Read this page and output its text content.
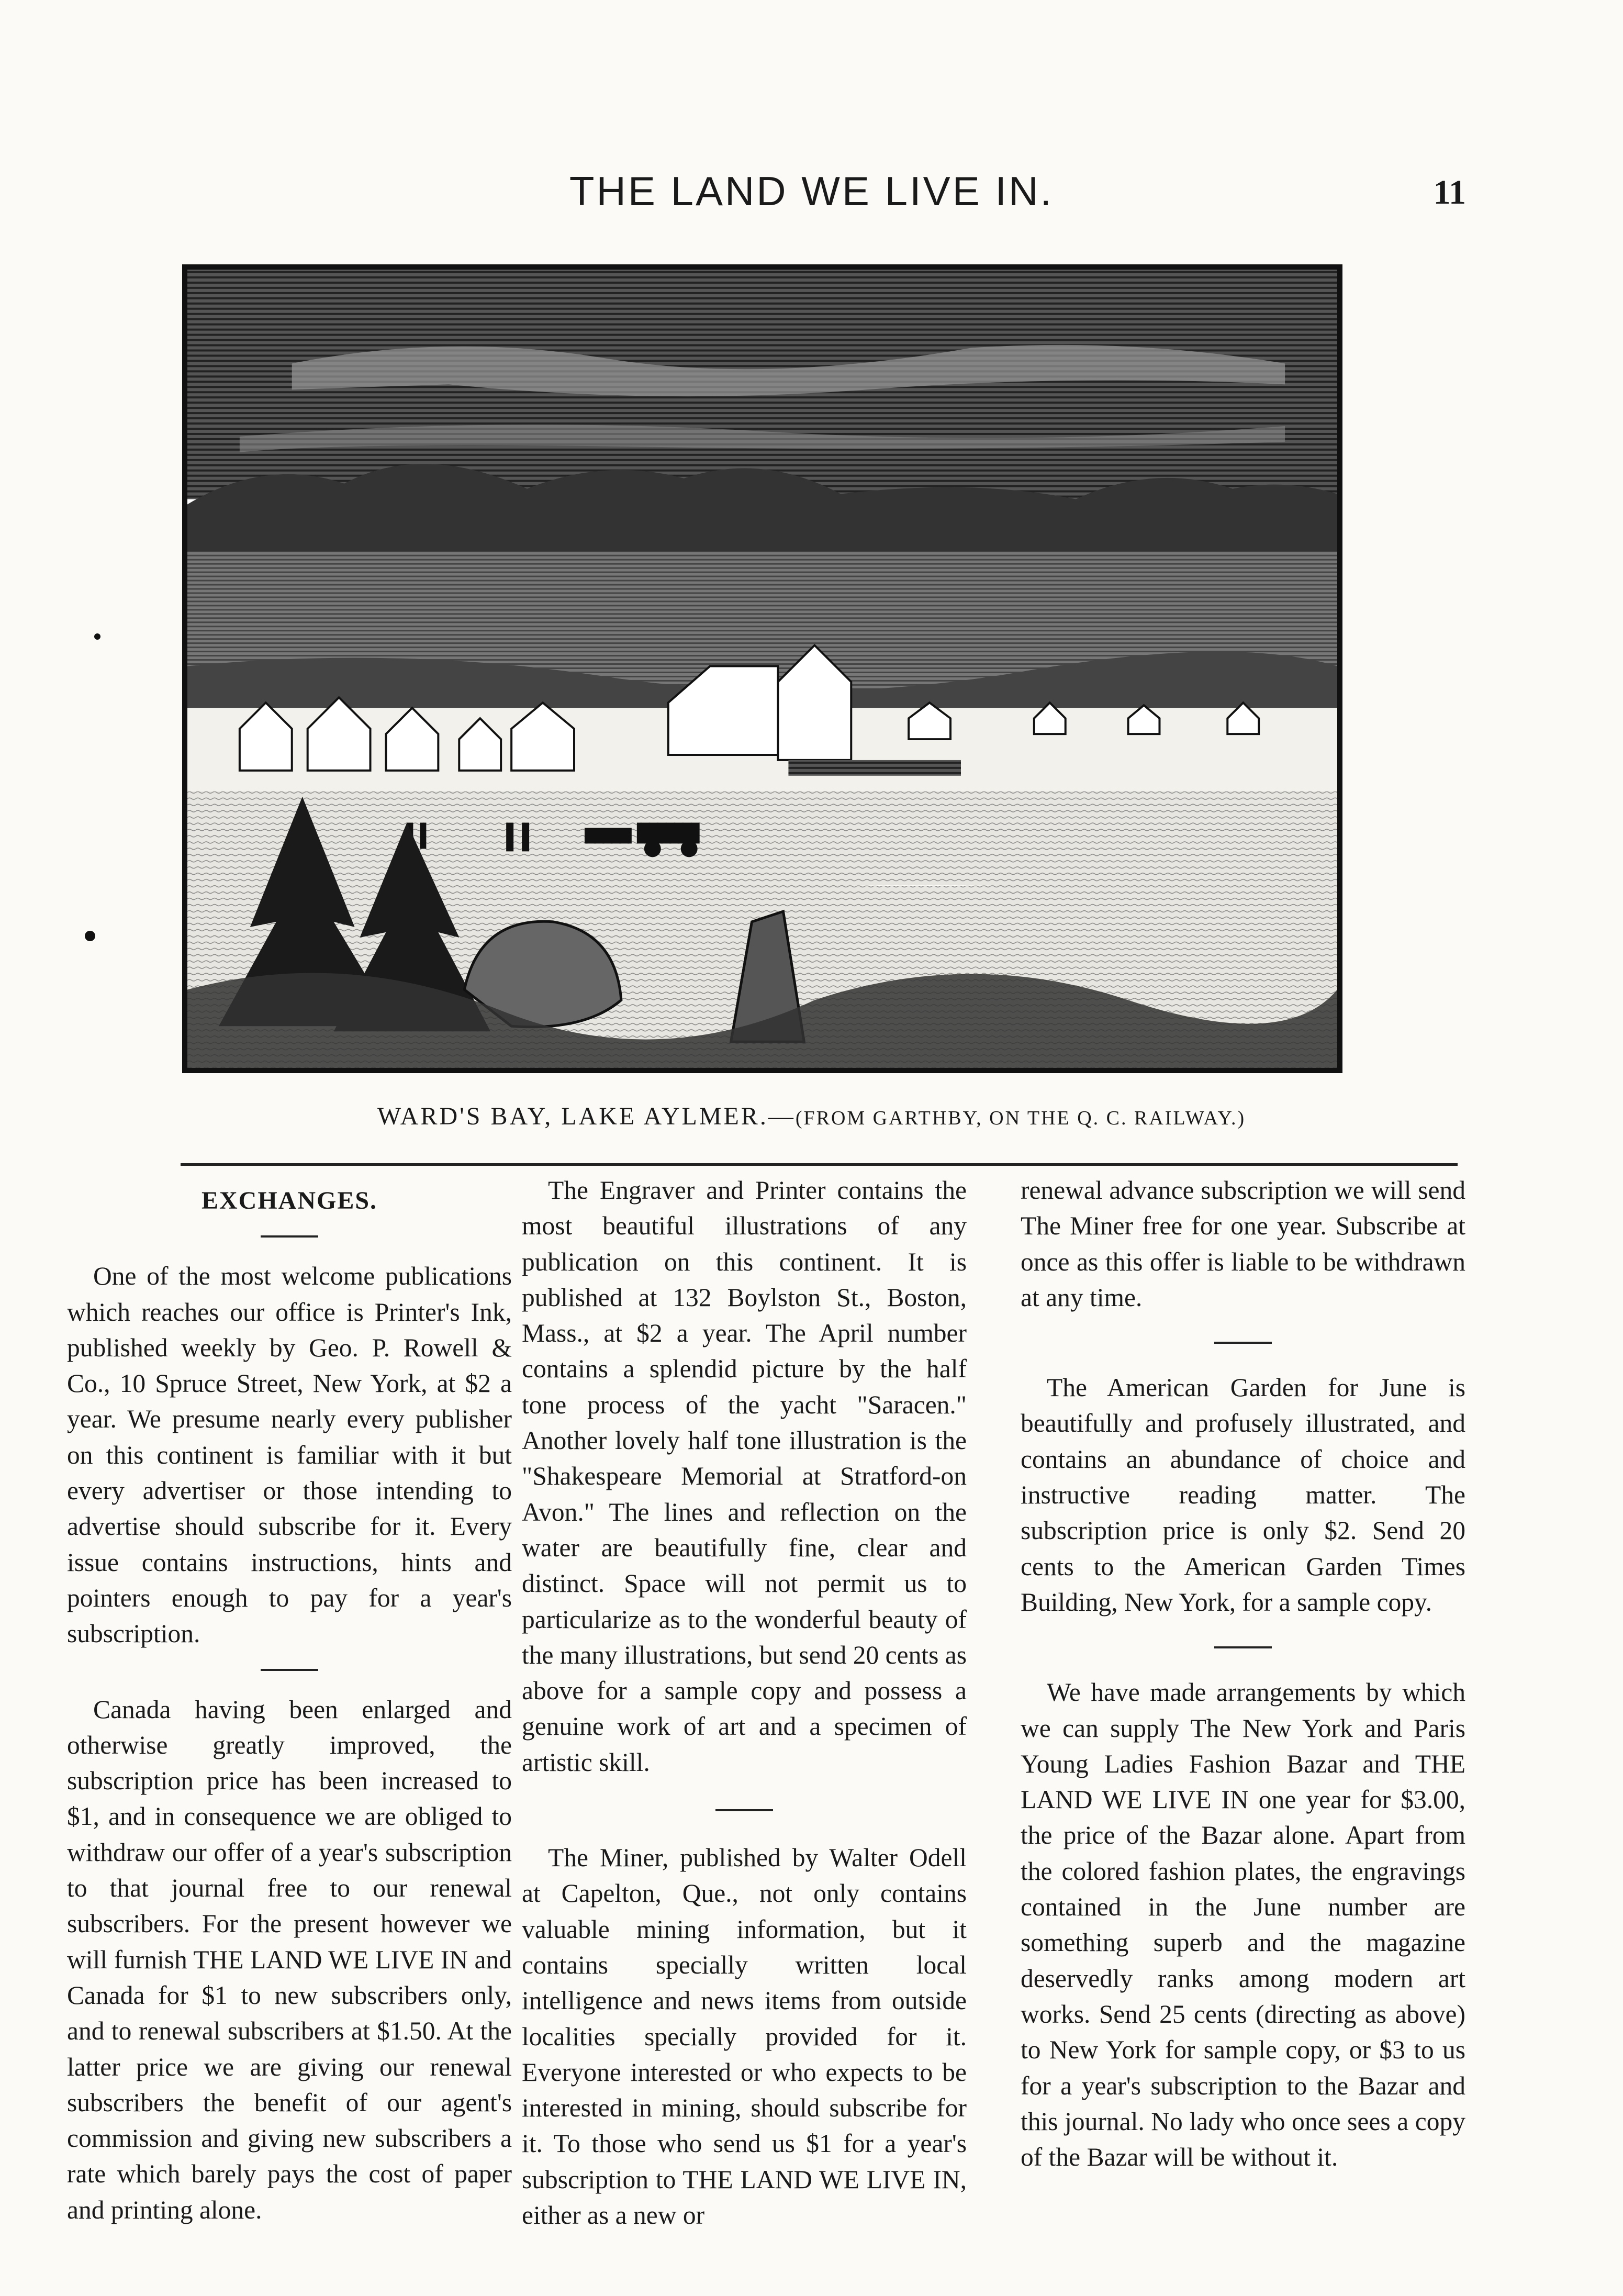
THE LAND WE LIVE IN.	11
WARD'S BAY, LAKE AYLMER.—(FROM GARTHBY, ON THE Q. C. RAILWAY.)

EXCHANGES.

One of the most welcome publications which reaches our office is Printer's Ink, published weekly by Geo. P. Rowell & Co., 10 Spruce Street, New York, at $2 a year. We presume nearly every publisher on this continent is familiar with it but every advertiser or those intending to advertise should subscribe for it. Every issue contains instructions, hints and pointers enough to pay for a year's subscription.

Canada having been enlarged and otherwise greatly improved, the subscription price has been increased to $1, and in consequence we are obliged to withdraw our offer of a year's subscription to that journal free to our renewal subscribers. For the present however we will furnish THE LAND WE LIVE IN and Canada for $1 to new subscribers only, and to renewal subscribers at $1.50. At the latter price we are giving our renewal subscribers the benefit of our agent's commission and giving new subscribers a rate which barely pays the cost of paper and printing alone.

The Engraver and Printer contains the most beautiful illustrations of any publication on this continent. It is published at 132 Boylston St., Boston, Mass., at $2 a year. The April number contains a splendid picture by the half tone process of the yacht "Saracen." Another lovely half tone illustration is the "Shakespeare Memorial at Stratford-on Avon." The lines and reflection on the water are beautifully fine, clear and distinct. Space will not permit us to particularize as to the wonderful beauty of the many illustrations, but send 20 cents as above for a sample copy and possess a genuine work of art and a specimen of artistic skill.

The Miner, published by Walter Odell at Capelton, Que., not only contains valuable mining information, but it contains specially written local intelligence and news items from outside localities specially provided for it. Everyone interested or who expects to be interested in mining, should subscribe for it. To those who send us $1 for a year's subscription to THE LAND WE LIVE IN, either as a new or

renewal advance subscription we will send The Miner free for one year. Subscribe at once as this offer is liable to be withdrawn at any time.

The American Garden for June is beautifully and profusely illustrated, and contains an abundance of choice and instructive reading matter. The subscription price is only $2. Send 20 cents to the American Garden Times Building, New York, for a sample copy.

We have made arrangements by which we can supply The New York and Paris Young Ladies Fashion Bazar and THE LAND WE LIVE IN one year for $3.00, the price of the Bazar alone. Apart from the colored fashion plates, the engravings contained in the June number are something superb and the magazine deservedly ranks among modern art works. Send 25 cents (directing as above) to New York for sample copy, or $3 to us for a year's subscription to the Bazar and this journal. No lady who once sees a copy of the Bazar will be without it.
